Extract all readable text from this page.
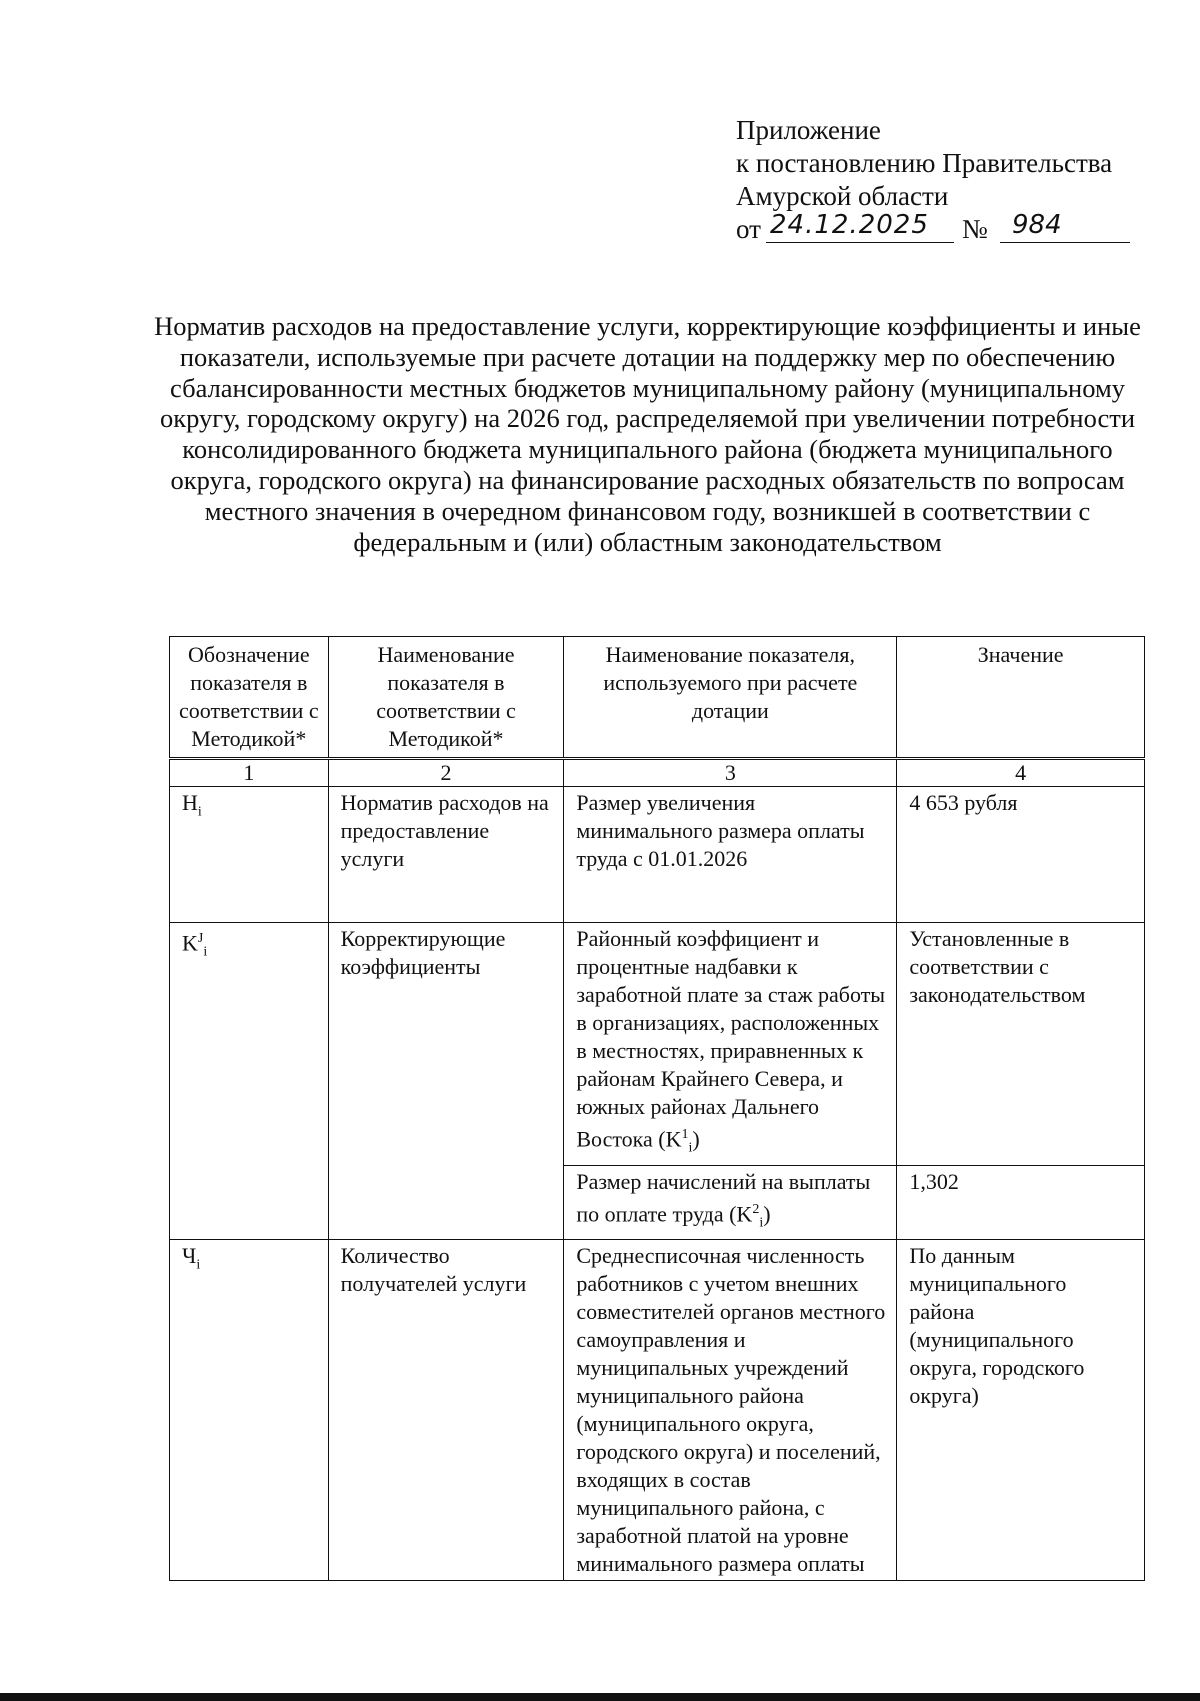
Приложение
к постановлению Правительства
Амурской области
от 24.12.2025	№ 984
Норматив расходов на предоставление услуги, корректирующие коэффициенты и иные показатели, используемые при расчете дотации на поддержку мер по обеспечению сбалансированности местных бюджетов муниципальному району (муниципальному округу, городскому округу) на 2026 год, распределяемой при увеличении потребности консолидированного бюджета муниципального района (бюджета муниципального округа, городского округа) на финансирование расходных обязательств по вопросам местного значения в очередном финансовом году, возникшей в соответствии с федеральным и (или) областным законодательством
Обозначение показателя в соответствии с Методикой*	Наименование показателя в соответствии с Методикой*	Наименование показателя, используемого при расчете дотации	Значение
1	2	3	4
$H_i$	Норматив расходов на предоставление услуги	Размер увеличения минимального размера оплаты труда с 01.01.2026	4 653 рубля
$K^J_i$	Корректирующие коэффициенты	Районный коэффициент и процентные надбавки к заработной плате за стаж работы в организациях, расположенных в местностях, приравненных к районам Крайнего Севера, и южных районах Дальнего Востока $(K^1_i)$	Установленные в соответствии с законодательством
		Размер начислений на выплаты по оплате труда $(K^2_i)$	1,302
$Ч_i$	Количество получателей услуги	Среднесписочная численность работников с учетом внешних совместителей органов местного самоуправления и муниципальных учреждений муниципального района (муниципального округа, городского округа) и поселений, входящих в состав муниципального района, с заработной платой на уровне минимального размера оплаты	По данным муниципального района (муниципального округа, городского округа)
